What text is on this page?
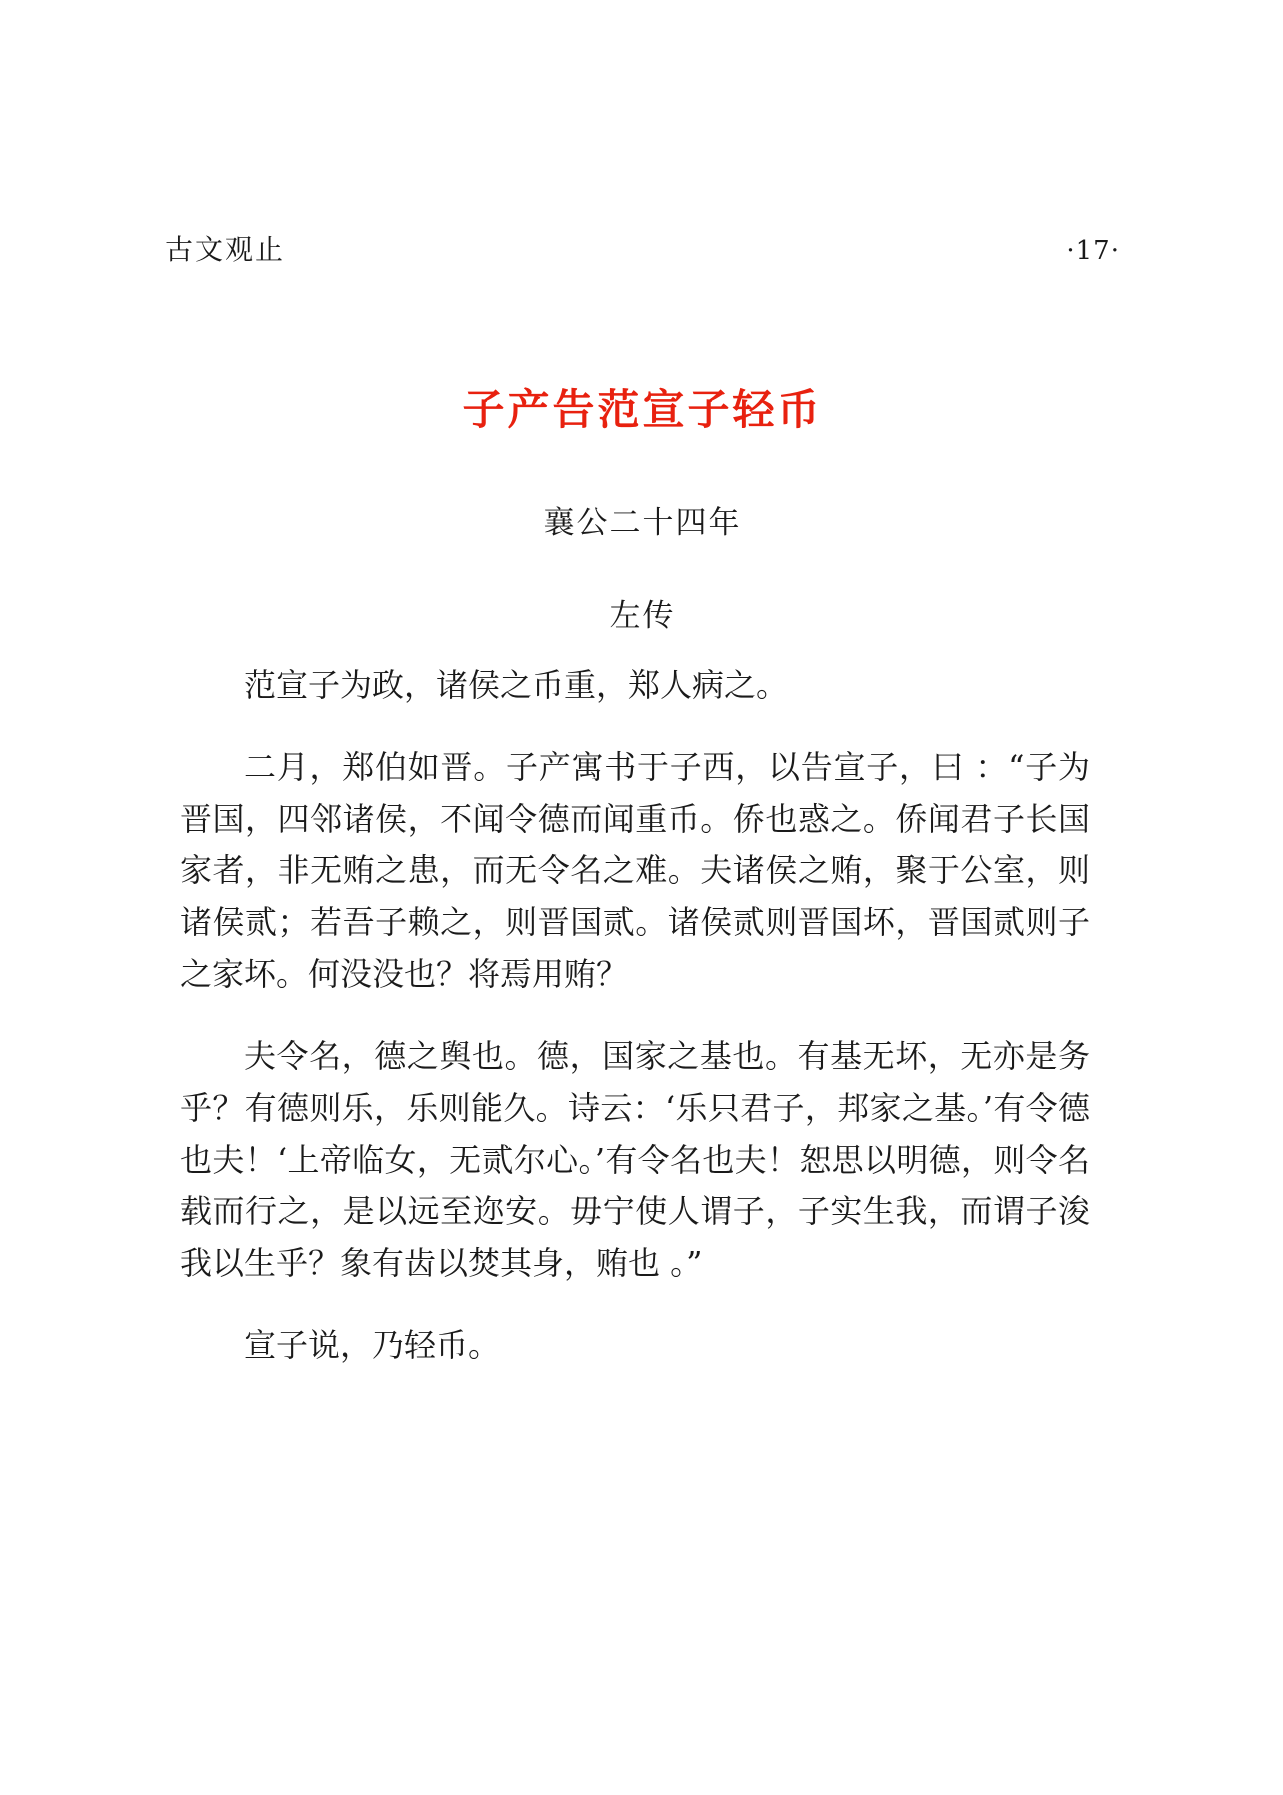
古文观止	·17·
子产告范宣子轻币

襄公二十四年

左传

范宣子为政，诸侯之币重，郑人病之。

二月，郑伯如晋。子产寓书于子西，以告宣子，曰 ：“子为晋国，四邻诸侯，不闻令德而闻重币。侨也惑之。侨闻君子长国家者，非无贿之患，而无令名之难。夫诸侯之贿，聚于公室，则诸侯贰；若吾子赖之，则晋国贰。诸侯贰则晋国坏，晋国贰则子之家坏。何没没也？将焉用贿？

夫令名，德之舆也。德，国家之基也。有基无坏，无亦是务乎？有德则乐，乐则能久。诗云：‘乐只君子，邦家之基。’有令德也夫！‘上帝临女，无贰尔心。’有令名也夫！恕思以明德，则令名载而行之，是以远至迩安。毋宁使人谓子，子实生我，而谓子浚我以生乎？象有齿以焚其身，贿也 。”

宣子说，乃轻币。
